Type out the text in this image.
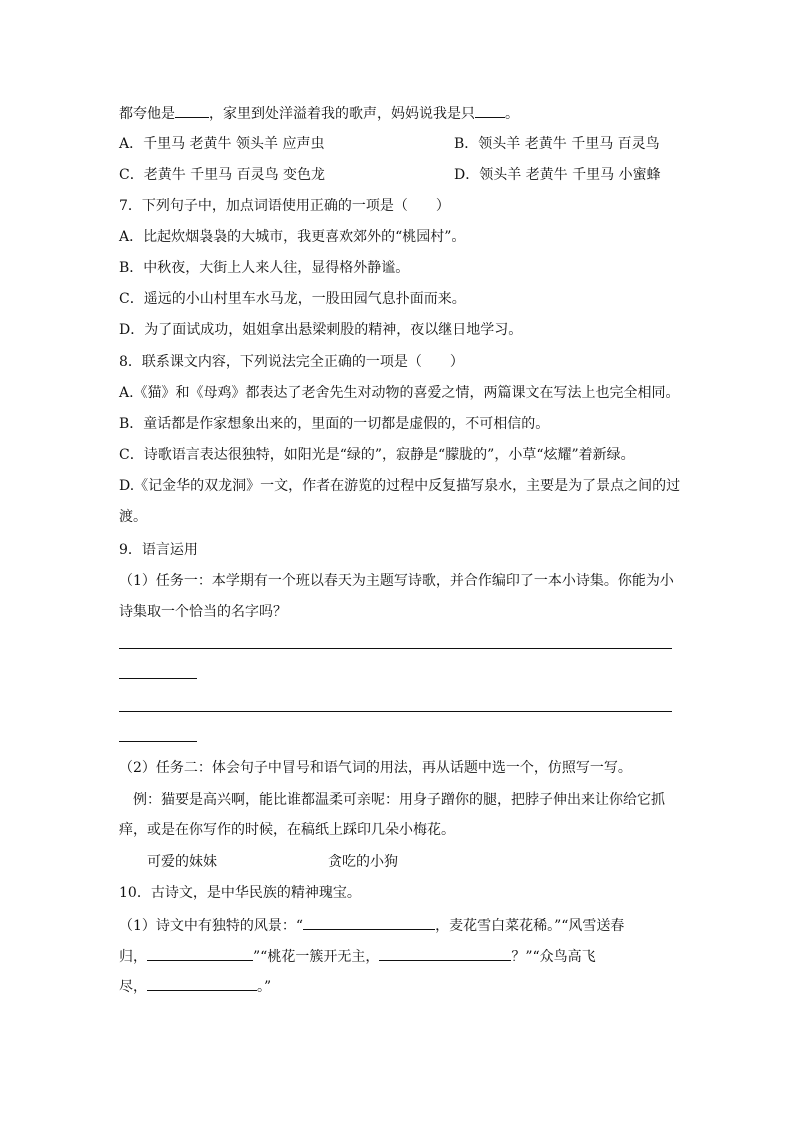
都夸他是 ，家里到处洋溢着我的歌声，妈妈说我是只 。
A．千里马 老黄牛 领头羊 应声虫	B．领头羊 老黄牛 千里马 百灵鸟
C．老黄牛 千里马 百灵鸟 变色龙	D．领头羊 老黄牛 千里马 小蜜蜂
7．下列句子中，加点词语使用正确的一项是（　　）
A．比起炊烟袅袅的大城市，我更喜欢郊外的“桃园村”。
B．中秋夜，大街上人来人往，显得格外静谧。
C．遥远的小山村里车水马龙，一股田园气息扑面而来。
D．为了面试成功，姐姐拿出悬梁刺股的精神，夜以继日地学习。
8．联系课文内容，下列说法完全正确的一项是（　　）
A.《猫》和《母鸡》都表达了老舍先生对动物的喜爱之情，两篇课文在写法上也完全相同。
B．童话都是作家想象出来的，里面的一切都是虚假的，不可相信的。
C．诗歌语言表达很独特，如阳光是“绿的”，寂静是“朦胧的”，小草“炫耀”着新绿。
D.《记金华的双龙洞》一文，作者在游览的过程中反复描写泉水，主要是为了景点之间的过
渡。
9．语言运用
（1）任务一：本学期有一个班以春天为主题写诗歌，并合作编印了一本小诗集。你能为小
诗集取一个恰当的名字吗？
（2）任务二：体会句子中冒号和语气词的用法，再从话题中选一个，仿照写一写。
例：猫要是高兴啊，能比谁都温柔可亲呢：用身子蹭你的腿，把脖子伸出来让你给它抓
痒，或是在你写作的时候，在稿纸上踩印几朵小梅花。
可爱的妹妹	贪吃的小狗
10．古诗文，是中华民族的精神瑰宝。
（1）诗文中有独特的风景：“	，麦花雪白菜花稀。”“风雪送春
归，	”“桃花一簇开无主，	？”“众鸟高飞
尽，	。”
